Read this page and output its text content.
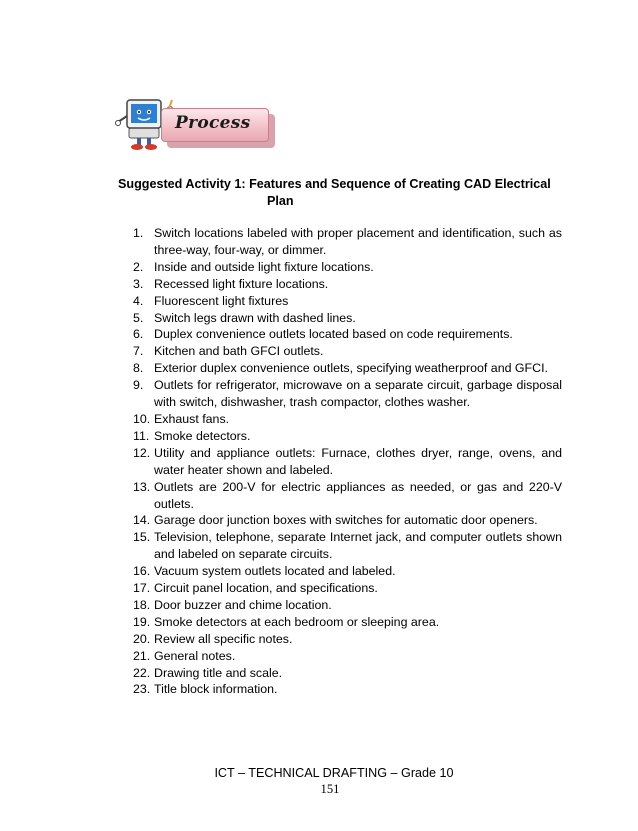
Process
Suggested Activity 1: Features and Sequence of Creating CAD Electrical
Plan
1. Switch locations labeled with proper placement and identification, such as three-way, four-way, or dimmer.
2. Inside and outside light fixture locations.
3. Recessed light fixture locations.
4. Fluorescent light fixtures
5. Switch legs drawn with dashed lines.
6. Duplex convenience outlets located based on code requirements.
7. Kitchen and bath GFCI outlets.
8. Exterior duplex convenience outlets, specifying weatherproof and GFCI.
9. Outlets for refrigerator, microwave on a separate circuit, garbage disposal with switch, dishwasher, trash compactor, clothes washer.
10. Exhaust fans.
11. Smoke detectors.
12. Utility and appliance outlets: Furnace, clothes dryer, range, ovens, and water heater shown and labeled.
13. Outlets are 200-V for electric appliances as needed, or gas and 220-V outlets.
14. Garage door junction boxes with switches for automatic door openers.
15. Television, telephone, separate Internet jack, and computer outlets shown and labeled on separate circuits.
16. Vacuum system outlets located and labeled.
17. Circuit panel location, and specifications.
18. Door buzzer and chime location.
19. Smoke detectors at each bedroom or sleeping area.
20. Review all specific notes.
21. General notes.
22. Drawing title and scale.
23. Title block information.
ICT – TECHNICAL DRAFTING – Grade 10
151
